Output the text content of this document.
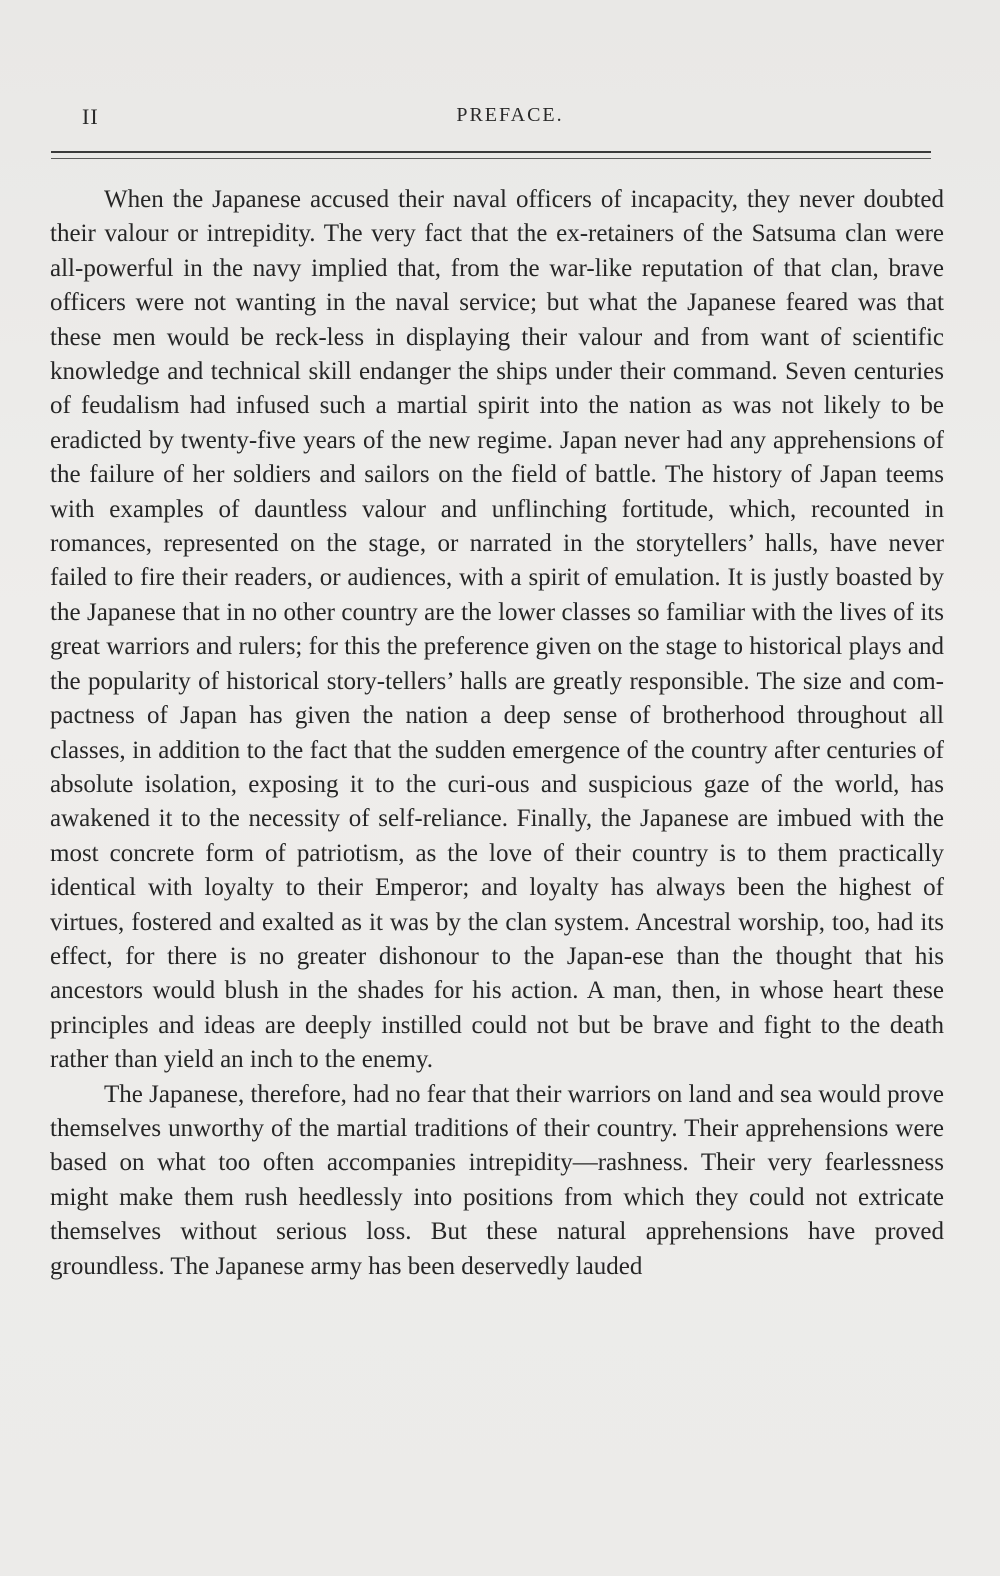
II	PREFACE.

When the Japanese accused their naval officers of incapacity, they never doubted their valour or intrepidity. The very fact that the ex-retainers of the Satsuma clan were all-powerful in the navy implied that, from the war-like reputation of that clan, brave officers were not wanting in the naval service; but what the Japanese feared was that these men would be reck-less in displaying their valour and from want of scientific knowledge and technical skill endanger the ships under their command. Seven centuries of feudalism had infused such a martial spirit into the nation as was not likely to be eradicted by twenty-five years of the new regime. Japan never had any apprehensions of the failure of her soldiers and sailors on the field of battle. The history of Japan teems with examples of dauntless valour and unflinching fortitude, which, recounted in romances, represented on the stage, or narrated in the storytellers’ halls, have never failed to fire their readers, or audiences, with a spirit of emulation. It is justly boasted by the Japanese that in no other country are the lower classes so familiar with the lives of its great warriors and rulers; for this the preference given on the stage to historical plays and the popularity of historical story-tellers’ halls are greatly responsible. The size and com-pactness of Japan has given the nation a deep sense of brotherhood throughout all classes, in addition to the fact that the sudden emergence of the country after centuries of absolute isolation, exposing it to the curi-ous and suspicious gaze of the world, has awakened it to the necessity of self-reliance. Finally, the Japanese are imbued with the most concrete form of patriotism, as the love of their country is to them practically identical with loyalty to their Emperor; and loyalty has always been the highest of virtues, fostered and exalted as it was by the clan system. Ancestral worship, too, had its effect, for there is no greater dishonour to the Japan-ese than the thought that his ancestors would blush in the shades for his action. A man, then, in whose heart these principles and ideas are deeply instilled could not but be brave and fight to the death rather than yield an inch to the enemy.

The Japanese, therefore, had no fear that their warriors on land and sea would prove themselves unworthy of the martial traditions of their country. Their apprehensions were based on what too often accompanies intrepidity—rashness. Their very fearlessness might make them rush heedlessly into positions from which they could not extricate themselves without serious loss. But these natural apprehensions have proved groundless. The Japanese army has been deservedly lauded
